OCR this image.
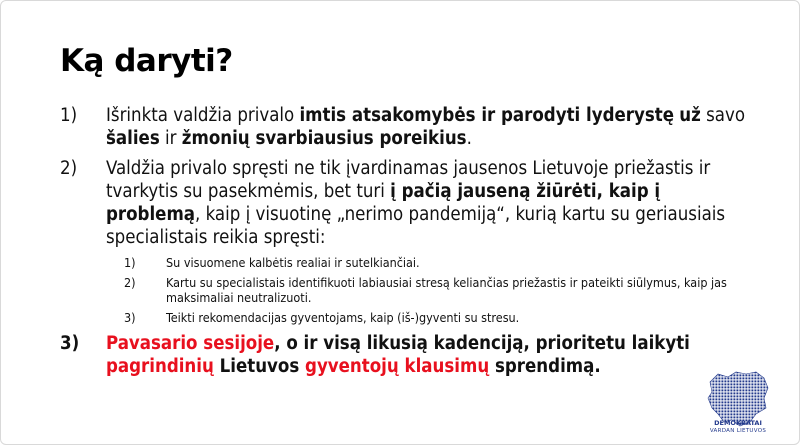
Ką daryti?
1) Išrinkta valdžia privalo imtis atsakomybės ir parodyti lyderystę už savo šalies ir žmonių svarbiausius poreikius.
2) Valdžia privalo spręsti ne tik įvardinamas jausenos Lietuvoje priežastis ir tvarkytis su pasekmėmis, bet turi į pačią jauseną žiūrėti, kaip į problemą, kaip į visuotinę „nerimo pandemiją“, kurią kartu su geriausiais specialistais reikia spręsti:
1) Su visuomene kalbėtis realiai ir sutelkiančiai.
2) Kartu su specialistais identifikuoti labiausiai stresą keliančias priežastis ir pateikti siūlymus, kaip jas maksimaliai neutralizuoti.
3) Teikti rekomendacijas gyventojams, kaip (iš-)gyventi su stresu.
3) Pavasario sesijoje, o ir visą likusią kadenciją, prioritetu laikyti pagrindinių Lietuvos gyventojų klausimų sprendimą.
DEMOKRATAI
VARDAN LIETUVOS
